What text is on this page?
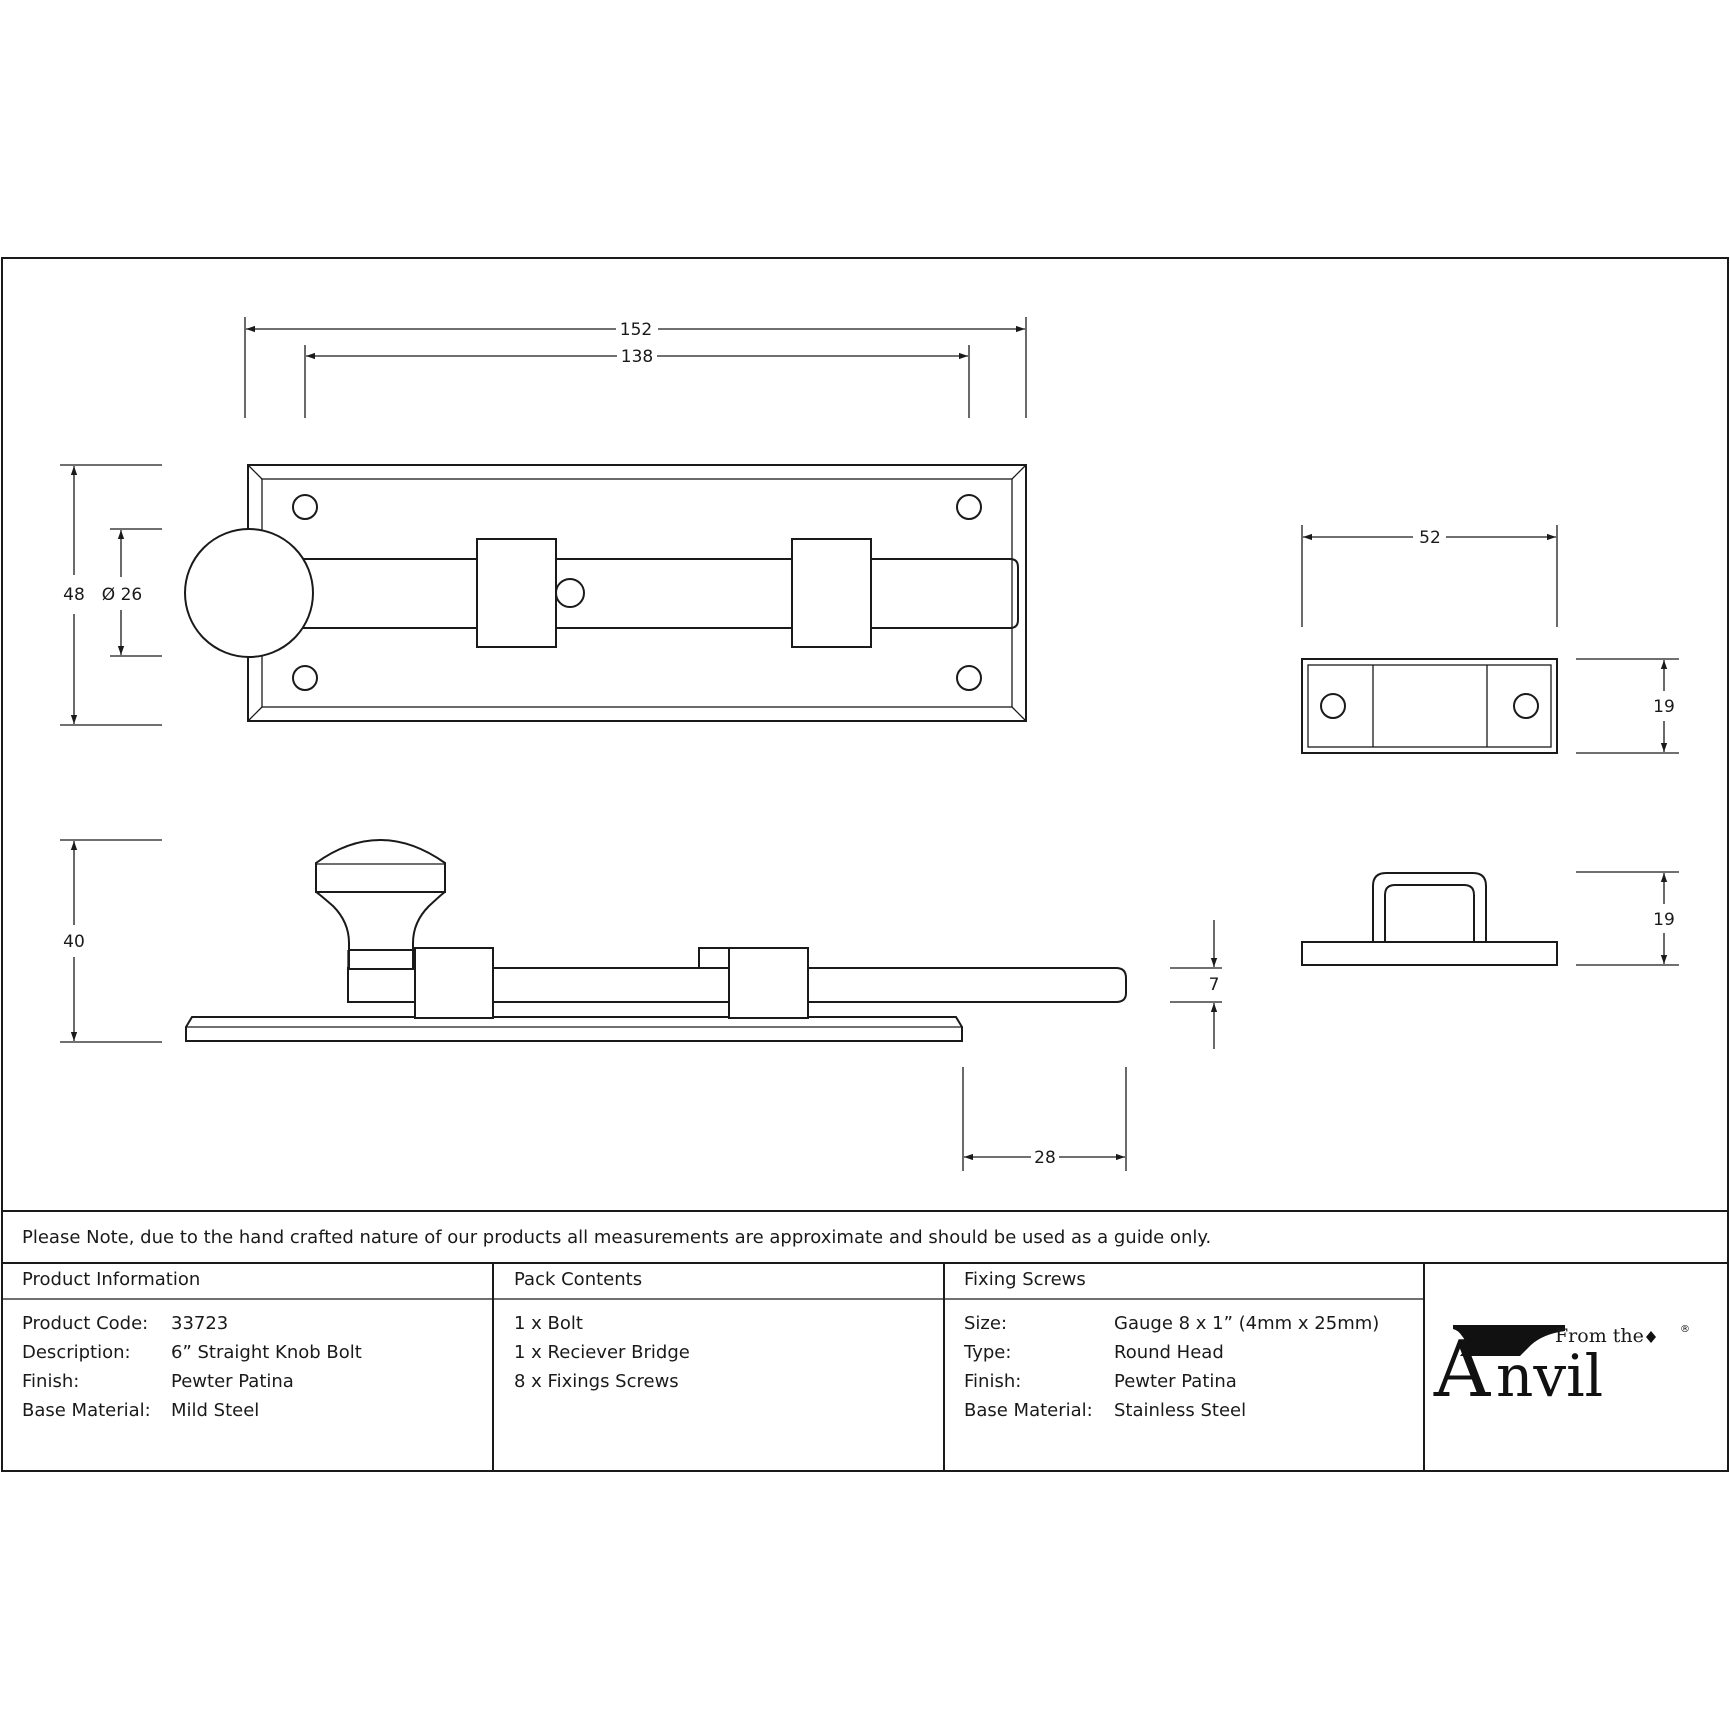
152
138
48 Ø 26
40
7
28
52
19
19
A nvil
From the	®
Please Note, due to the hand crafted nature of our products all measurements are approximate and should be used as a guide only.
Product Information
Product Code: 33723
Description: 6” Straight Knob Bolt
Finish:	Pewter Patina
Base Material: Mild Steel
Pack Contents
1 x Bolt
1 x Reciever Bridge
8 x Fixings Screws
Fixing Screws
Size:	Gauge 8 x 1” (4mm x 25mm)
Type:	Round Head
Finish:	Pewter Patina
Base Material: Stainless Steel
